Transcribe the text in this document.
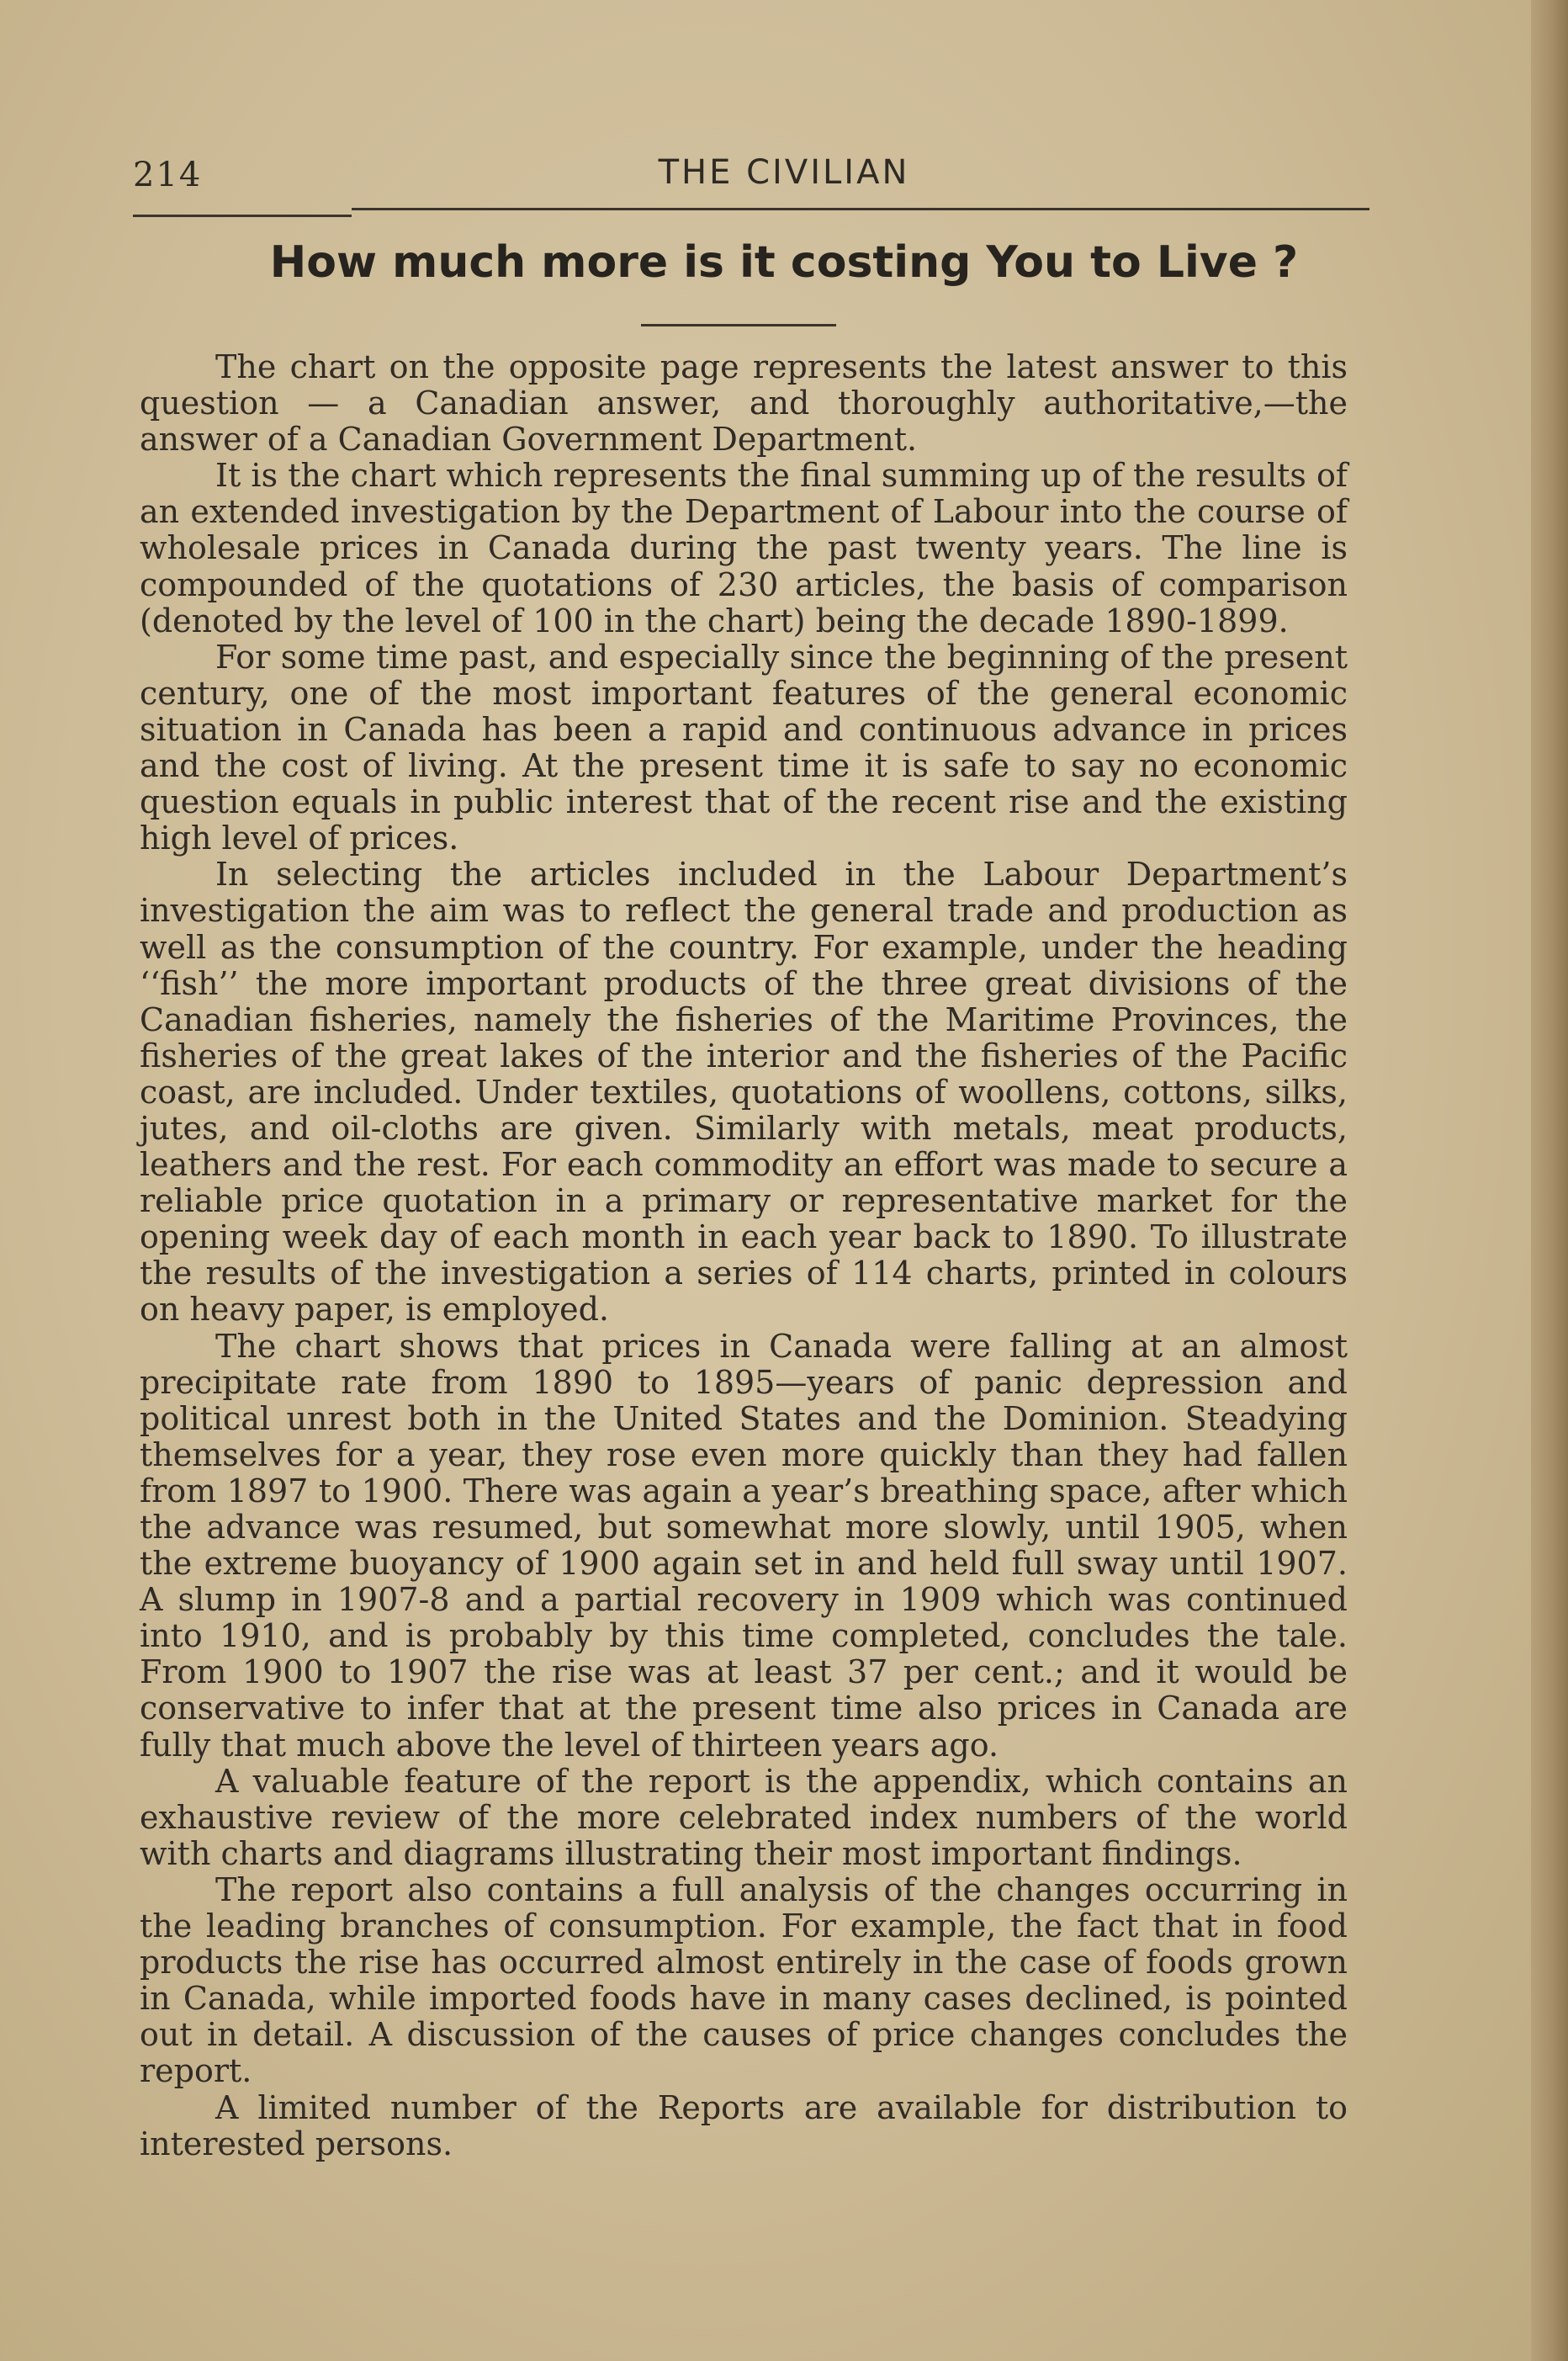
214	THE CIVILIAN
How much more is it costing You to Live ?

The chart on the opposite page represents the latest answer to this question — a Canadian answer, and thoroughly authoritative,—the answer of a Canadian Government Department.

It is the chart which represents the final summing up of the results of an extended investigation by the Department of Labour into the course of wholesale prices in Canada during the past twenty years. The line is compounded of the quotations of 230 articles, the basis of comparison (denoted by the level of 100 in the chart) being the decade 1890-1899.

For some time past, and especially since the beginning of the present century, one of the most important features of the general economic situation in Canada has been a rapid and continuous advance in prices and the cost of living. At the present time it is safe to say no economic question equals in public interest that of the recent rise and the existing high level of prices.

In selecting the articles included in the Labour Department’s investigation the aim was to reflect the general trade and production as well as the consumption of the country. For example, under the heading ‘‘fish’’ the more important products of the three great divisions of the Canadian fisheries, namely the fisheries of the Maritime Provinces, the fisheries of the great lakes of the interior and the fisheries of the Pacific coast, are included. Under textiles, quotations of woollens, cottons, silks, jutes, and oil-cloths are given. Similarly with metals, meat products, leathers and the rest. For each commodity an effort was made to secure a reliable price quotation in a primary or representative market for the opening week day of each month in each year back to 1890. To illustrate the results of the investigation a series of 114 charts, printed in colours on heavy paper, is employed.

The chart shows that prices in Canada were falling at an almost precipitate rate from 1890 to 1895—years of panic depression and political unrest both in the United States and the Dominion. Steadying themselves for a year, they rose even more quickly than they had fallen from 1897 to 1900. There was again a year’s breathing space, after which the advance was resumed, but somewhat more slowly, until 1905, when the extreme buoyancy of 1900 again set in and held full sway until 1907. A slump in 1907-8 and a partial recovery in 1909 which was continued into 1910, and is probably by this time completed, concludes the tale. From 1900 to 1907 the rise was at least 37 per cent.; and it would be conservative to infer that at the present time also prices in Canada are fully that much above the level of thirteen years ago.

A valuable feature of the report is the appendix, which contains an exhaustive review of the more celebrated index numbers of the world with charts and diagrams illustrating their most important findings.

The report also contains a full analysis of the changes occurring in the leading branches of consumption. For example, the fact that in food products the rise has occurred almost entirely in the case of foods grown in Canada, while imported foods have in many cases declined, is pointed out in detail. A discussion of the causes of price changes concludes the report.

A limited number of the Reports are available for distribution to interested persons.
